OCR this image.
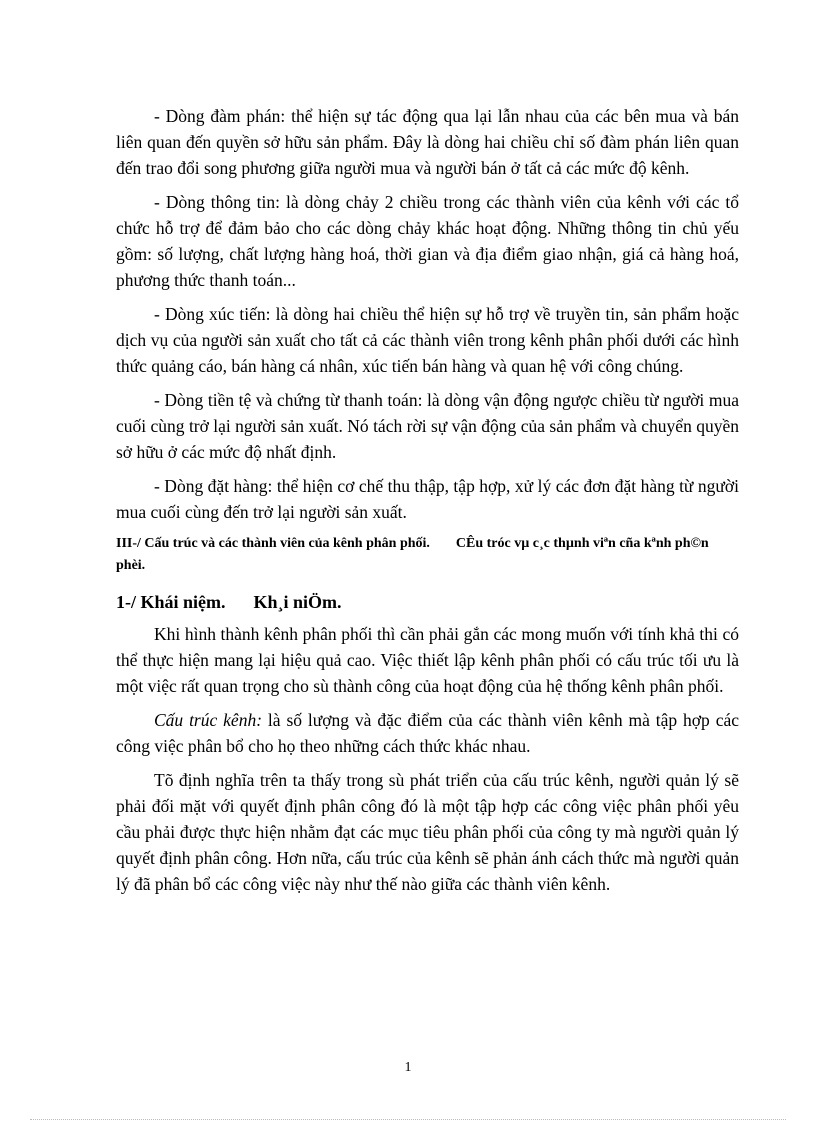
- Dòng đàm phán: thể hiện sự tác động qua lại lẫn nhau của các bên mua và bán liên quan đến quyền sở hữu sản phẩm. Đây là dòng hai chiều chỉ số đàm phán liên quan đến trao đổi song phương giữa người mua và người bán ở tất cả các mức độ kênh.

- Dòng thông tin: là dòng chảy 2 chiều trong các thành viên của kênh với các tổ chức hỗ trợ để đảm bảo cho các dòng chảy khác hoạt động. Những thông tin chủ yếu gồm: số lượng, chất lượng hàng hoá, thời gian và địa điểm giao nhận, giá cả hàng hoá, phương thức thanh toán...

- Dòng xúc tiến: là dòng hai chiều thể hiện sự hỗ trợ về truyền tin, sản phẩm hoặc dịch vụ của người sản xuất cho tất cả các thành viên trong kênh phân phối dưới các hình thức quảng cáo, bán hàng cá nhân, xúc tiến bán hàng và quan hệ với công chúng.

- Dòng tiền tệ và chứng từ thanh toán: là dòng vận động ngược chiều từ người mua cuối cùng trở lại người sản xuất. Nó tách rời sự vận động của sản phẩm và chuyển quyền sở hữu ở các mức độ nhất định.

- Dòng đặt hàng: thể hiện cơ chế thu thập, tập hợp, xử lý các đơn đặt hàng từ người mua cuối cùng đến trở lại người sản xuất.

III-/ Cấu trúc và các thành viên của kênh phân phối. CÊu tróc vµ c¸c thµnh viªn cña kªnh ph©n phèi.
1-/ Khái niệm. Kh¸i niÖm.

Khi hình thành kênh phân phối thì cần phải gắn các mong muốn với tính khả thi có thể thực hiện mang lại hiệu quả cao. Việc thiết lập kênh phân phối có cấu trúc tối ưu là một việc rất quan trọng cho sù thành công của hoạt động của hệ thống kênh phân phối.

Cấu trúc kênh: là số lượng và đặc điểm của các thành viên kênh mà tập hợp các công việc phân bổ cho họ theo những cách thức khác nhau.

Tõ định nghĩa trên ta thấy trong sù phát triển của cấu trúc kênh, người quản lý sẽ phải đối mặt với quyết định phân công đó là một tập hợp các công việc phân phối yêu cầu phải được thực hiện nhằm đạt các mục tiêu phân phối của công ty mà người quản lý quyết định phân công. Hơn nữa, cấu trúc của kênh sẽ phản ánh cách thức mà người quản lý đã phân bổ các công việc này như thế nào giữa các thành viên kênh.

1
